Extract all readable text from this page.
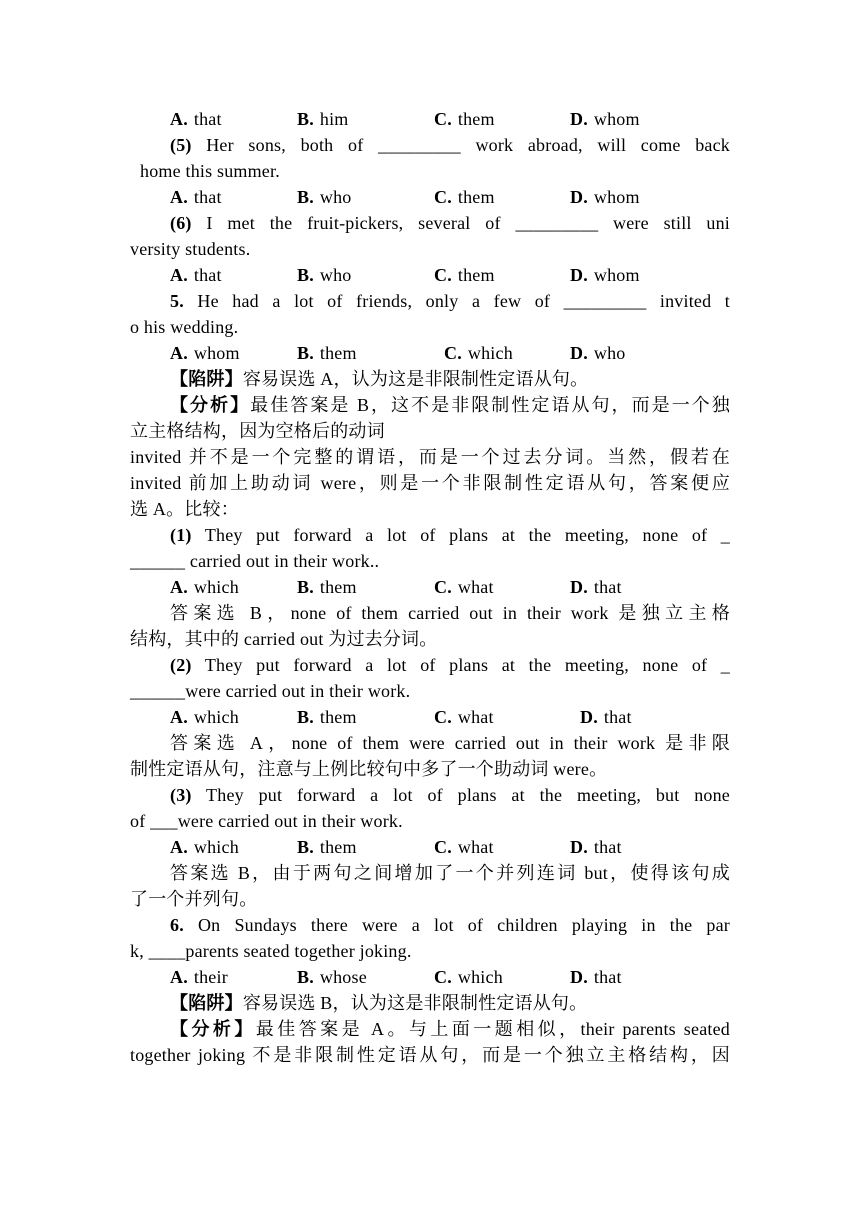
A. that	B. him	C. them	D. whom
(5) Her sons, both of _________ work abroad, will come back
home this summer.
A. that	B. who	C. them	D. whom
(6) I met the fruit-pickers, several of _________ were still uni
versity students.
A. that	B. who	C. them	D. whom
5. He had a lot of friends, only a few of _________ invited t
o his wedding.
A. whom	B. them	C. which	D. who
【陷阱】容易误选 A，认为这是非限制性定语从句。
【分析】最佳答案是 B，这不是非限制性定语从句，而是一个独
立主格结构，因为空格后的动词
invited 并不是一个完整的谓语，而是一个过去分词。当然，假若在
invited 前加上助动词 were，则是一个非限制性定语从句，答案便应
选 A。比较：
(1) They put forward a lot of plans at the meeting, none of _
______ carried out in their work..
A. which	B. them	C. what	D. that
答案选 B，none of them carried out in their work 是独立主格
结构，其中的 carried out 为过去分词。
(2) They put forward a lot of plans at the meeting, none of _
______were carried out in their work.
A. which	B. them	C. what	D. that
答案选 A，none of them were carried out in their work 是非限
制性定语从句，注意与上例比较句中多了一个助动词 were。
(3) They put forward a lot of plans at the meeting, but none
of ___were carried out in their work.
A. which	B. them	C. what	D. that
答案选 B，由于两句之间增加了一个并列连词 but，使得该句成
了一个并列句。
6. On Sundays there were a lot of children playing in the par
k, ____parents seated together joking.
A. their	B. whose	C. which	D. that
【陷阱】容易误选 B，认为这是非限制性定语从句。
【分析】最佳答案是 A。与上面一题相似，their parents seated
together joking 不是非限制性定语从句，而是一个独立主格结构，因
